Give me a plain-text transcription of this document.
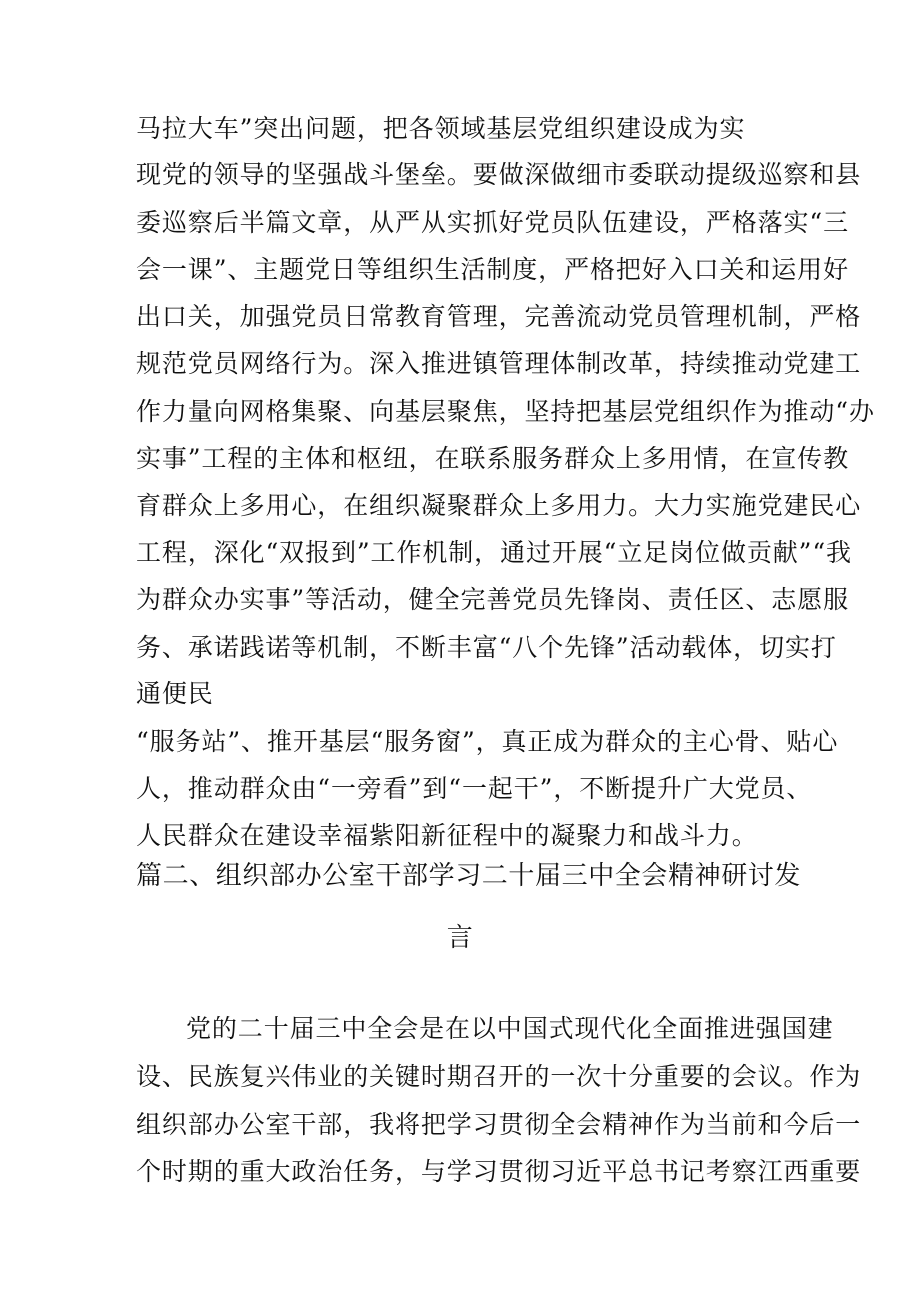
马拉大车”突出问题，把各领域基层党组织建设成为实
现党的领导的坚强战斗堡垒。要做深做细市委联动提级巡察和县
委巡察后半篇文章，从严从实抓好党员队伍建设，严格落实“三
会一课”、主题党日等组织生活制度，严格把好入口关和运用好
出口关，加强党员日常教育管理，完善流动党员管理机制，严格
规范党员网络行为。深入推进镇管理体制改革，持续推动党建工
作力量向网格集聚、向基层聚焦，坚持把基层党组织作为推动“办
实事”工程的主体和枢纽，在联系服务群众上多用情，在宣传教
育群众上多用心，在组织凝聚群众上多用力。大力实施党建民心
工程，深化“双报到”工作机制，通过开展“立足岗位做贡献”“我
为群众办实事”等活动，健全完善党员先锋岗、责任区、志愿服
务、承诺践诺等机制，不断丰富“八个先锋”活动载体，切实打
通便民
“服务站”、推开基层“服务窗”，真正成为群众的主心骨、贴心
人，推动群众由“一旁看”到“一起干”，不断提升广大党员、
人民群众在建设幸福紫阳新征程中的凝聚力和战斗力。
篇二、组织部办公室干部学习二十届三中全会精神研讨发
言
党的二十届三中全会是在以中国式现代化全面推进强国建
设、民族复兴伟业的关键时期召开的一次十分重要的会议。作为
组织部办公室干部，我将把学习贯彻全会精神作为当前和今后一
个时期的重大政治任务，与学习贯彻习近平总书记考察江西重要
